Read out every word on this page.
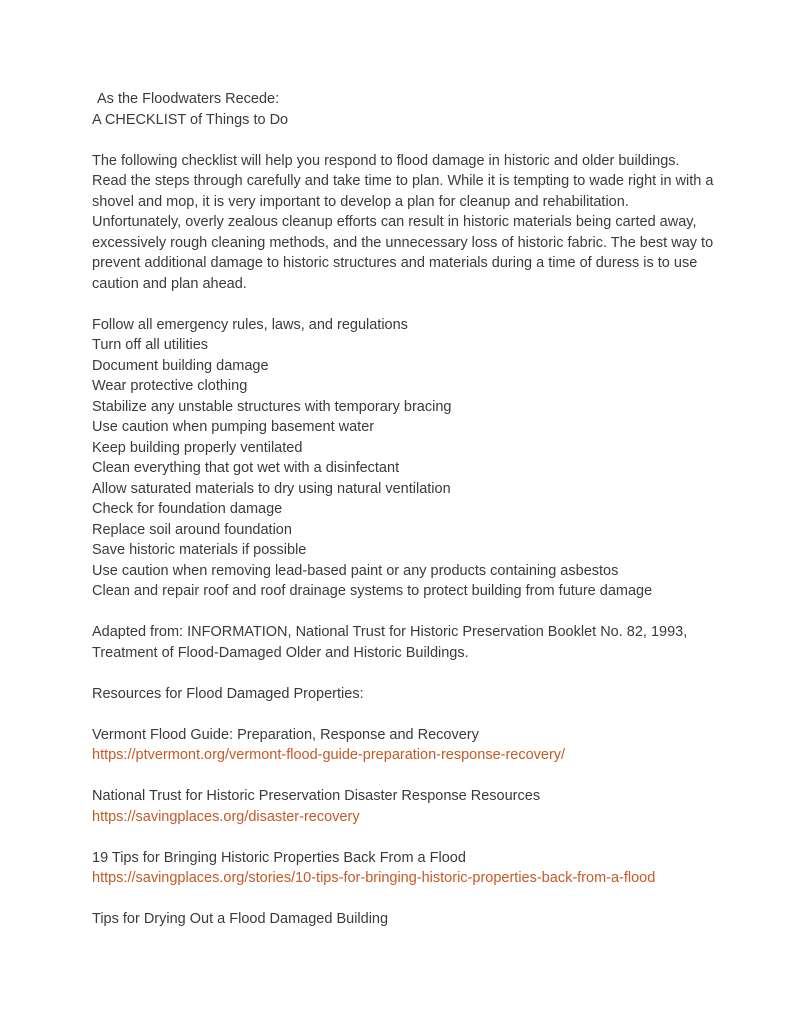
As the Floodwaters Recede:
A CHECKLIST of Things to Do

The following checklist will help you respond to flood damage in historic and older buildings. Read the steps through carefully and take time to plan. While it is tempting to wade right in with a shovel and mop, it is very important to develop a plan for cleanup and rehabilitation. Unfortunately, overly zealous cleanup efforts can result in historic materials being carted away, excessively rough cleaning methods, and the unnecessary loss of historic fabric. The best way to prevent additional damage to historic structures and materials during a time of duress is to use caution and plan ahead.

Follow all emergency rules, laws, and regulations
Turn off all utilities
Document building damage
Wear protective clothing
Stabilize any unstable structures with temporary bracing
Use caution when pumping basement water
Keep building properly ventilated
Clean everything that got wet with a disinfectant
Allow saturated materials to dry using natural ventilation
Check for foundation damage
Replace soil around foundation
Save historic materials if possible
Use caution when removing lead-based paint or any products containing asbestos
Clean and repair roof and roof drainage systems to protect building from future damage

Adapted from: INFORMATION, National Trust for Historic Preservation Booklet No. 82, 1993, Treatment of Flood-Damaged Older and Historic Buildings.

Resources for Flood Damaged Properties:

Vermont Flood Guide: Preparation, Response and Recovery
https://ptvermont.org/vermont-flood-guide-preparation-response-recovery/
National Trust for Historic Preservation Disaster Response Resources
https://savingplaces.org/disaster-recovery
19 Tips for Bringing Historic Properties Back From a Flood
https://savingplaces.org/stories/10-tips-for-bringing-historic-properties-back-from-a-flood
Tips for Drying Out a Flood Damaged Building
